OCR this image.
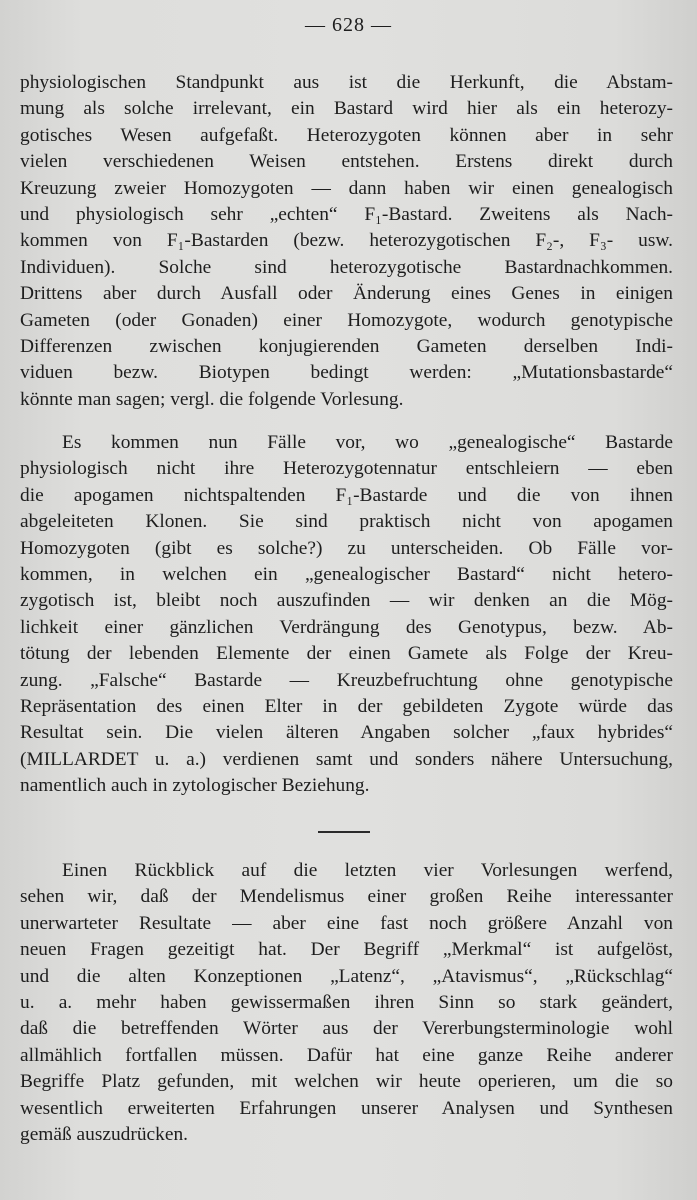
— 628 —
physiologischen Standpunkt aus ist die Herkunft, die Abstam-
mung als solche irrelevant, ein Bastard wird hier als ein heterozy-
gotisches Wesen aufgefaßt. Heterozygoten können aber in sehr
vielen verschiedenen Weisen entstehen. Erstens direkt durch
Kreuzung zweier Homozygoten — dann haben wir einen genealogisch
und physiologisch sehr „echten“ F₁-Bastard. Zweitens als Nach-
kommen von F₁-Bastarden (bezw. heterozygotischen F₂-, F₃- usw.
Individuen). Solche sind heterozygotische Bastardnachkommen.
Drittens aber durch Ausfall oder Änderung eines Genes in einigen
Gameten (oder Gonaden) einer Homozygote, wodurch genotypische
Differenzen zwischen konjugierenden Gameten derselben Indi-
viduen bezw. Biotypen bedingt werden: „Mutationsbastarde“
könnte man sagen; vergl. die folgende Vorlesung.
Es kommen nun Fälle vor, wo „genealogische“ Bastarde
physiologisch nicht ihre Heterozygotennatur entschleiern — eben
die apogamen nichtspaltenden F₁-Bastarde und die von ihnen
abgeleiteten Klonen. Sie sind praktisch nicht von apogamen
Homozygoten (gibt es solche?) zu unterscheiden. Ob Fälle vor-
kommen, in welchen ein „genealogischer Bastard“ nicht hetero-
zygotisch ist, bleibt noch auszufinden — wir denken an die Mög-
lichkeit einer gänzlichen Verdrängung des Genotypus, bezw. Ab-
tötung der lebenden Elemente der einen Gamete als Folge der Kreu-
zung. „Falsche“ Bastarde — Kreuzbefruchtung ohne genotypische
Repräsentation des einen Elter in der gebildeten Zygote würde das
Resultat sein. Die vielen älteren Angaben solcher „faux hybrides“
(MILLARDET u. a.) verdienen samt und sonders nähere Untersuchung,
namentlich auch in zytologischer Beziehung.
Einen Rückblick auf die letzten vier Vorlesungen werfend,
sehen wir, daß der Mendelismus einer großen Reihe interessanter
unerwarteter Resultate — aber eine fast noch größere Anzahl von
neuen Fragen gezeitigt hat. Der Begriff „Merkmal“ ist aufgelöst,
und die alten Konzeptionen „Latenz“, „Atavismus“, „Rückschlag“
u. a. mehr haben gewissermaßen ihren Sinn so stark geändert,
daß die betreffenden Wörter aus der Vererbungsterminologie wohl
allmählich fortfallen müssen. Dafür hat eine ganze Reihe anderer
Begriffe Platz gefunden, mit welchen wir heute operieren, um die so
wesentlich erweiterten Erfahrungen unserer Analysen und Synthesen
gemäß auszudrücken.
